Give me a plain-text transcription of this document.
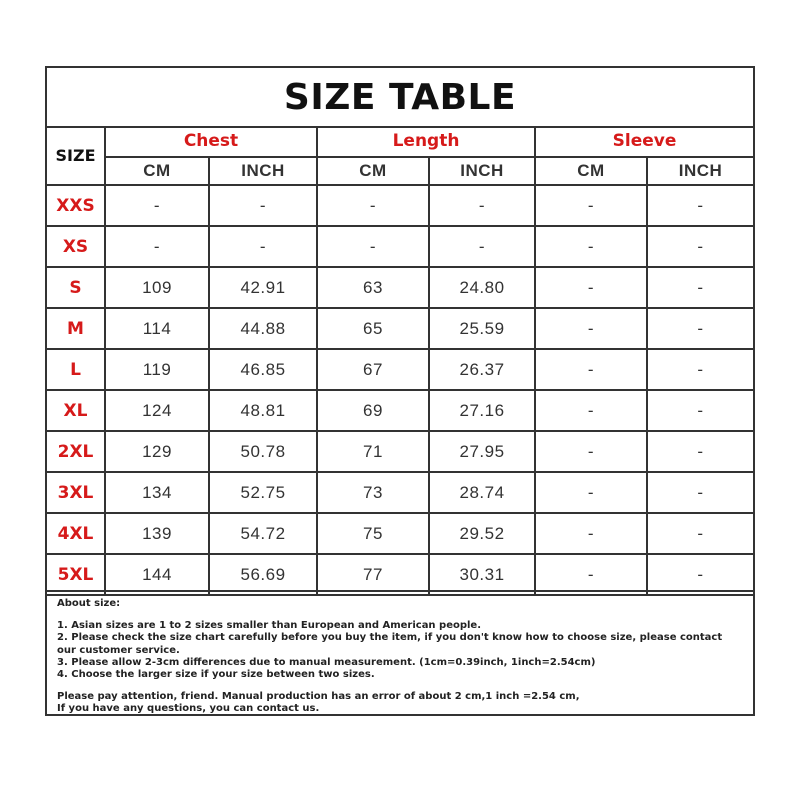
SIZE TABLE
SIZE	Chest		Length		Sleeve	
	CM	INCH	CM	INCH	CM	INCH
XXS	-	-	-	-	-	-
XS	-	-	-	-	-	-
S	109	42.91	63	24.80	-	-
M	114	44.88	65	25.59	-	-
L	119	46.85	67	26.37	-	-
XL	124	48.81	69	27.16	-	-
2XL	129	50.78	71	27.95	-	-
3XL	134	52.75	73	28.74	-	-
4XL	139	54.72	75	29.52	-	-
5XL	144	56.69	77	30.31	-	-
About size:
1. Asian sizes are 1 to 2 sizes smaller than European and American people.
2. Please check the size chart carefully before you buy the item, if you don't know how to choose size, please contact our customer service.
3. Please allow 2-3cm differences due to manual measurement. (1cm=0.39inch, 1inch=2.54cm)
4. Choose the larger size if your size between two sizes.
Please pay attention, friend. Manual production has an error of about 2 cm,1 inch =2.54 cm,
If you have any questions, you can contact us.
